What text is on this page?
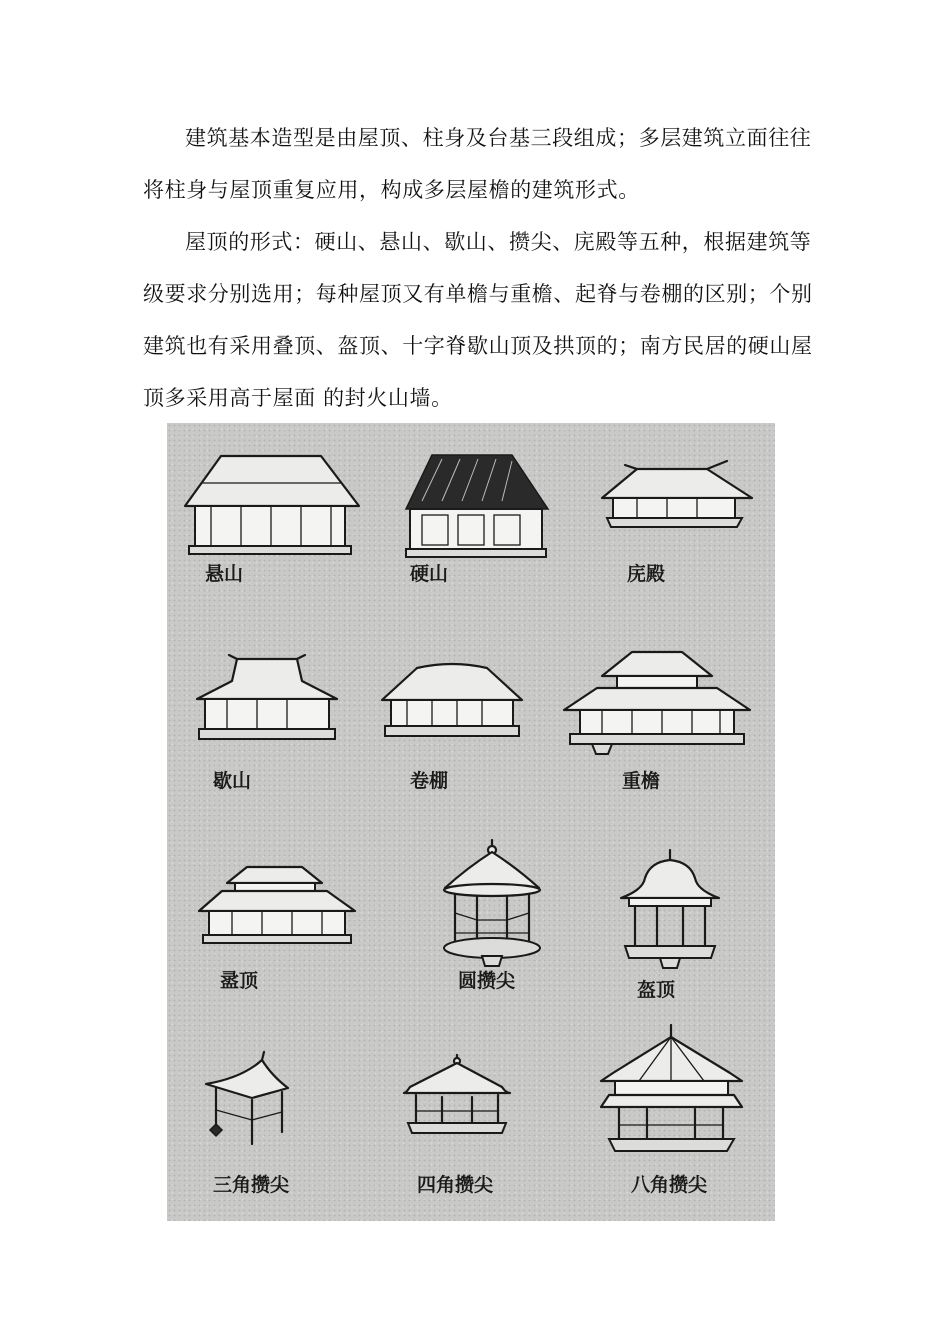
建筑基本造型是由屋顶、柱身及台基三段组成；多层建筑立面往往将柱身与屋顶重复应用，构成多层屋檐的建筑形式。

屋顶的形式：硬山、悬山、歇山、攒尖、庑殿等五种，根据建筑等级要求分别选用；每种屋顶又有单檐与重檐、起脊与卷棚的区别；个别建筑也有采用叠顶、盔顶、十字脊歇山顶及拱顶的；南方民居的硬山屋顶多采用高于屋面 的封火山墙。

悬山	硬山	庑殿
歇山	卷棚	重檐
盝顶	圆攒尖	盔顶
三角攒尖	四角攒尖	八角攒尖
